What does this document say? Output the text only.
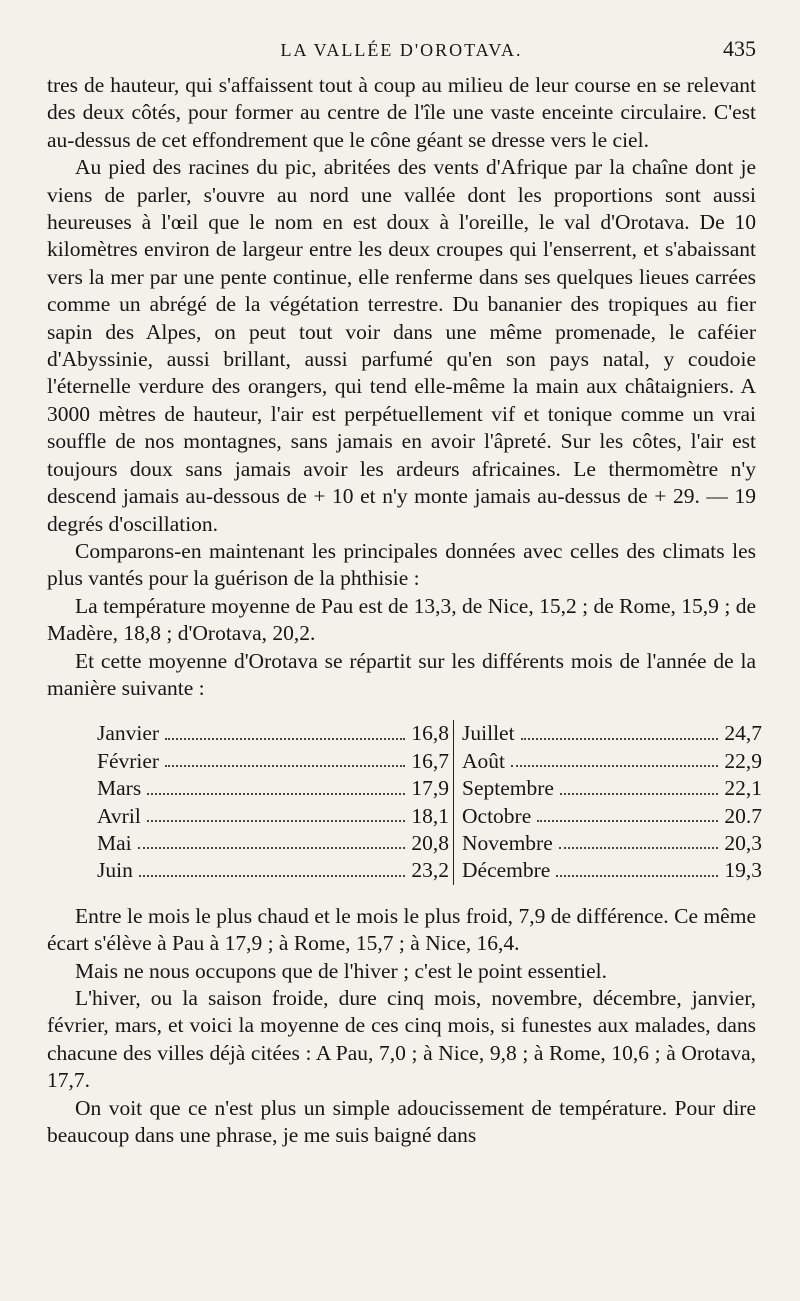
LA VALLÉE D'OROTAVA.	435

tres de hauteur, qui s'affaissent tout à coup au milieu de leur course en se relevant des deux côtés, pour former au centre de l'île une vaste enceinte circulaire. C'est au-dessus de cet effondrement que le cône géant se dresse vers le ciel.

Au pied des racines du pic, abritées des vents d'Afrique par la chaîne dont je viens de parler, s'ouvre au nord une vallée dont les proportions sont aussi heureuses à l'œil que le nom en est doux à l'oreille, le val d'Orotava. De 10 kilomètres environ de largeur entre les deux croupes qui l'enserrent, et s'abaissant vers la mer par une pente continue, elle renferme dans ses quelques lieues carrées comme un abrégé de la végétation terrestre. Du bananier des tropiques au fier sapin des Alpes, on peut tout voir dans une même promenade, le caféier d'Abyssinie, aussi brillant, aussi parfumé qu'en son pays natal, y coudoie l'éternelle verdure des orangers, qui tend elle-même la main aux châtaigniers. A 3000 mètres de hauteur, l'air est perpétuellement vif et tonique comme un vrai souffle de nos montagnes, sans jamais en avoir l'âpreté. Sur les côtes, l'air est toujours doux sans jamais avoir les ardeurs africaines. Le thermomètre n'y descend jamais au-dessous de + 10 et n'y monte jamais au-dessus de + 29. — 19 degrés d'oscillation.

Comparons-en maintenant les principales données avec celles des climats les plus vantés pour la guérison de la phthisie :

La température moyenne de Pau est de 13,3, de Nice, 15,2 ; de Rome, 15,9 ; de Madère, 18,8 ; d'Orotava, 20,2.

Et cette moyenne d'Orotava se répartit sur les différents mois de l'année de la manière suivante :

Janvier	16,8
Février	16,7
Mars	17,9
Avril	18,1
Mai	20,8
Juin	23,2
Juillet	24,7
Août	22,9
Septembre	22,1
Octobre	20.7
Novembre	20,3
Décembre	19,3

Entre le mois le plus chaud et le mois le plus froid, 7,9 de différence. Ce même écart s'élève à Pau à 17,9 ; à Rome, 15,7 ; à Nice, 16,4.

Mais ne nous occupons que de l'hiver ; c'est le point essentiel.

L'hiver, ou la saison froide, dure cinq mois, novembre, décembre, janvier, février, mars, et voici la moyenne de ces cinq mois, si funestes aux malades, dans chacune des villes déjà citées : A Pau, 7,0 ; à Nice, 9,8 ; à Rome, 10,6 ; à Orotava, 17,7.

On voit que ce n'est plus un simple adoucissement de température. Pour dire beaucoup dans une phrase, je me suis baigné dans
